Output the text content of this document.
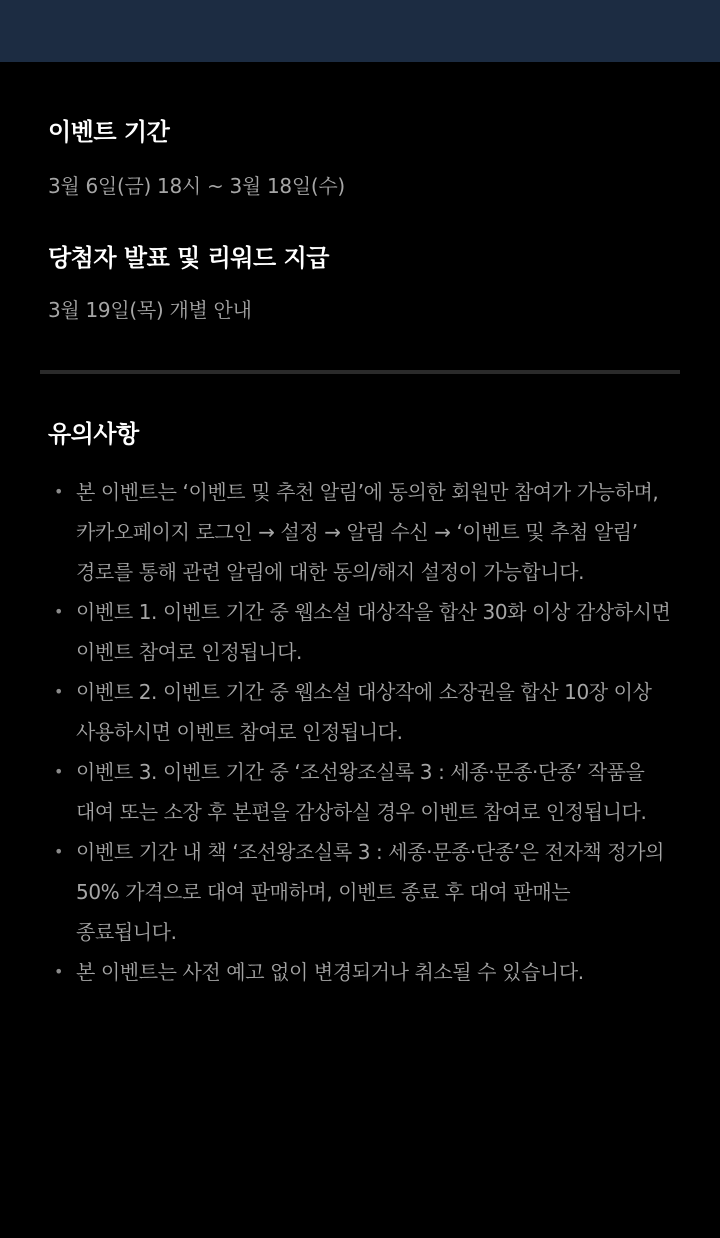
이벤트 기간

3월 6일(금) 18시 ~ 3월 18일(수)

당첨자 발표 및 리워드 지급

3월 19일(목) 개별 안내

유의사항
• 본 이벤트는 ‘이벤트 및 추천 알림’에 동의한 회원만 참여가 가능하며, 카카오페이지 로그인 → 설정 → 알림 수신 → ‘이벤트 및 추첨 알림’ 경로를 통해 관련 알림에 대한 동의/해지 설정이 가능합니다.
• 이벤트 1. 이벤트 기간 중 웹소설 대상작을 합산 30화 이상 감상하시면 이벤트 참여로 인정됩니다.
• 이벤트 2. 이벤트 기간 중 웹소설 대상작에 소장권을 합산 10장 이상 사용하시면 이벤트 참여로 인정됩니다.
• 이벤트 3. 이벤트 기간 중 ‘조선왕조실록 3 : 세종·문종·단종’ 작품을 대여 또는 소장 후 본편을 감상하실 경우 이벤트 참여로 인정됩니다.
• 이벤트 기간 내 책 ‘조선왕조실록 3 : 세종·문종·단종’은 전자책 정가의 50% 가격으로 대여 판매하며, 이벤트 종료 후 대여 판매는 종료됩니다.
• 본 이벤트는 사전 예고 없이 변경되거나 취소될 수 있습니다.
